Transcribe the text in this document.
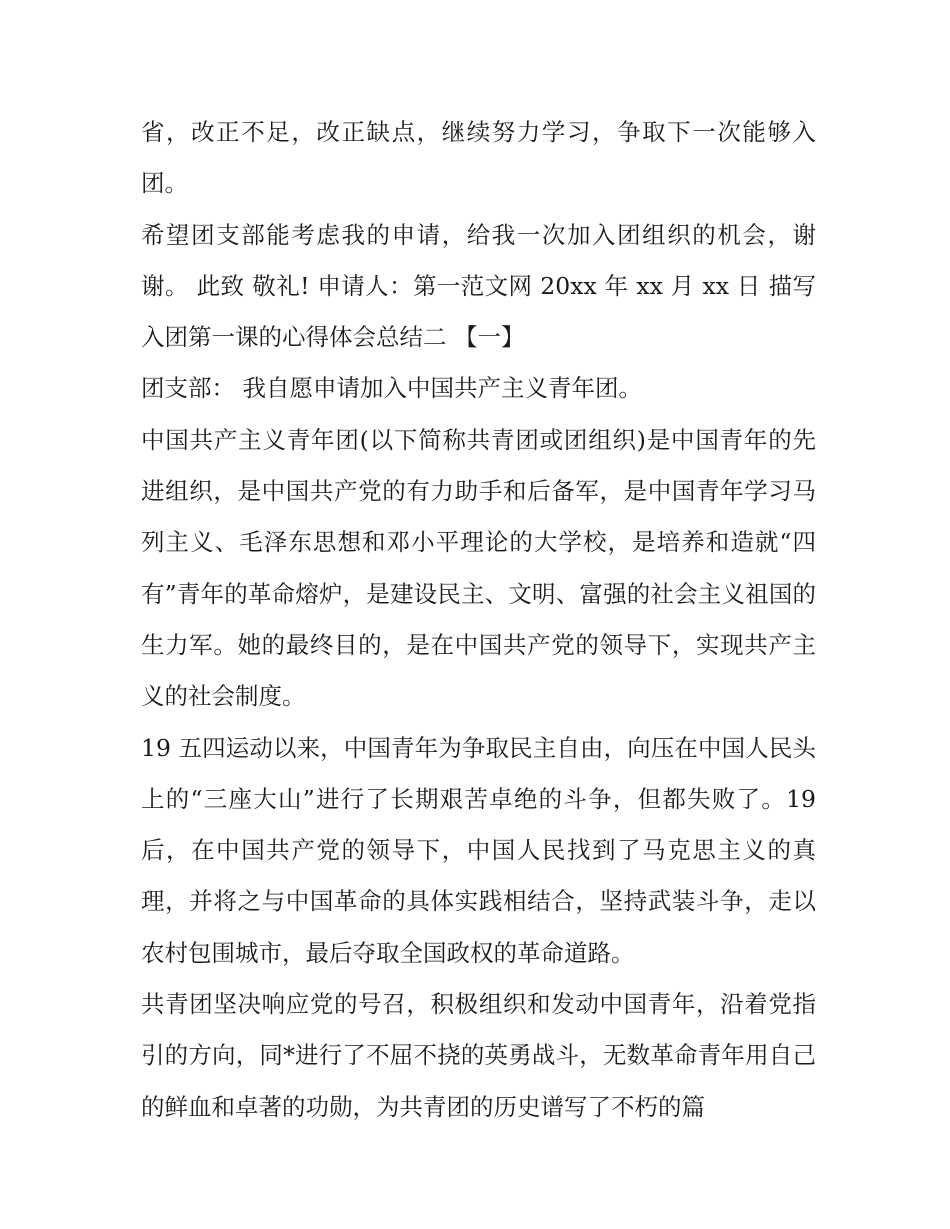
省，改正不足，改正缺点，继续努力学习，争取下一次能够入团。

希望团支部能考虑我的申请，给我一次加入团组织的机会，谢谢。 此致 敬礼! 申请人：第一范文网 20xx 年 xx 月 xx 日 描写入团第一课的心得体会总结二 【一】

团支部： 我自愿申请加入中国共产主义青年团。

中国共产主义青年团(以下简称共青团或团组织)是中国青年的先进组织，是中国共产党的有力助手和后备军，是中国青年学习马列主义、毛泽东思想和邓小平理论的大学校，是培养和造就“四有”青年的革命熔炉，是建设民主、文明、富强的社会主义祖国的生力军。她的最终目的，是在中国共产党的领导下，实现共产主义的社会制度。

19 五四运动以来，中国青年为争取民主自由，向压在中国人民头上的“三座大山”进行了长期艰苦卓绝的斗争，但都失败了。19 后，在中国共产党的领导下，中国人民找到了马克思主义的真理，并将之与中国革命的具体实践相结合，坚持武装斗争，走以农村包围城市，最后夺取全国政权的革命道路。

共青团坚决响应党的号召，积极组织和发动中国青年，沿着党指引的方向，同*进行了不屈不挠的英勇战斗，无数革命青年用自己的鲜血和卓著的功勋，为共青团的历史谱写了不朽的篇
